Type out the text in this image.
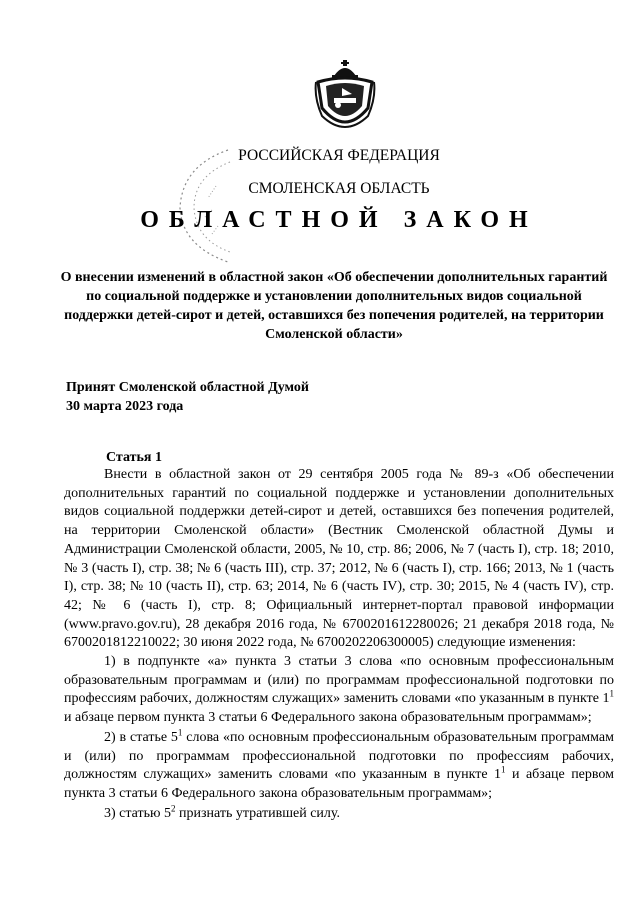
РОССИЙСКАЯ ФЕДЕРАЦИЯ
СМОЛЕНСКАЯ ОБЛАСТЬ
ОБЛАСТНОЙ ЗАКОН
О внесении изменений в областной закон «Об обеспечении дополнительных гарантий по социальной поддержке и установлении дополнительных видов социальной поддержки детей-сирот и детей, оставшихся без попечения родителей, на территории Смоленской области»
Принят Смоленской областной Думой
30 марта 2023 года
Статья 1

Внести в областной закон от 29 сентября 2005 года № 89-з «Об обеспечении дополнительных гарантий по социальной поддержке и установлении дополнительных видов социальной поддержки детей-сирот и детей, оставшихся без попечения родителей, на территории Смоленской области» (Вестник Смоленской областной Думы и Администрации Смоленской области, 2005, № 10, стр. 86; 2006, № 7 (часть I), стр. 18; 2010, № 3 (часть I), стр. 38; № 6 (часть III), стр. 37; 2012, № 6 (часть I), стр. 166; 2013, № 1 (часть I), стр. 38; № 10 (часть II), стр. 63; 2014, № 6 (часть IV), стр. 30; 2015, № 4 (часть IV), стр. 42; № 6 (часть I), стр. 8; Официальный интернет-портал правовой информации (www.pravo.gov.ru), 28 декабря 2016 года, № 6700201612280026; 21 декабря 2018 года, № 6700201812210022; 30 июня 2022 года, № 6700202206300005) следующие изменения:

1) в подпункте «а» пункта 3 статьи 3 слова «по основным профессиональным образовательным программам и (или) по программам профессиональной подготовки по профессиям рабочих, должностям служащих» заменить словами «по указанным в пункте $1^1$ и абзаце первом пункта 3 статьи 6 Федерального закона образовательным программам»;

2) в статье $5^1$ слова «по основным профессиональным образовательным программам и (или) по программам профессиональной подготовки по профессиям рабочих, должностям служащих» заменить словами «по указанным в пункте $1^1$ и абзаце первом пункта 3 статьи 6 Федерального закона образовательным программам»;

3) статью $5^2$ признать утратившей силу.
